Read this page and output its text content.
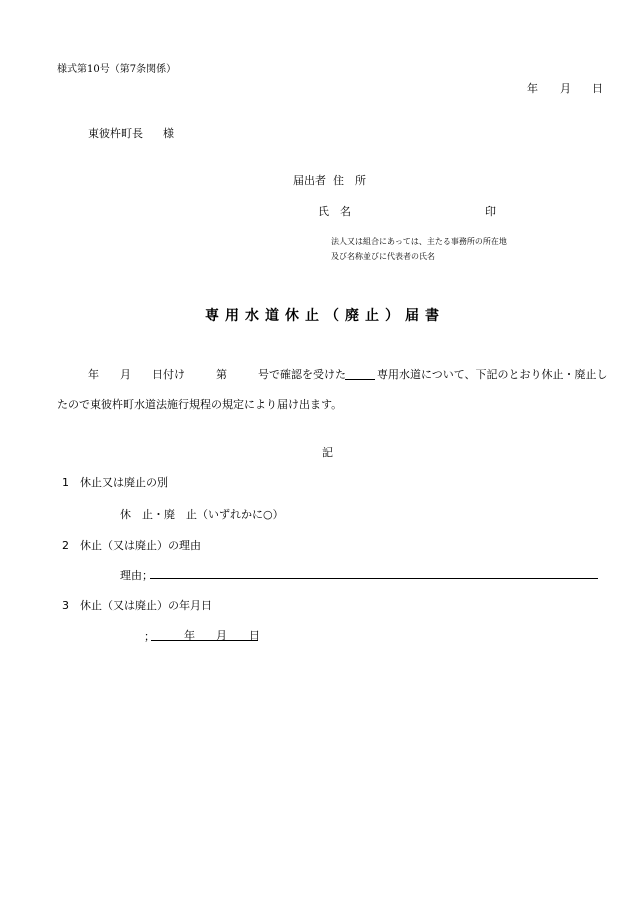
様式第10号（第7条関係）
年 月 日
東彼杵町長 様
届出者 住　所
氏　名	印
法人又は組合にあっては、主たる事務所の所在地
及び名称並びに代表者の氏名
専用水道休止（廃止）届書
年 月 日付け	第	号で確認を受けた	専用水道について、下記のとおり休止・廃止し
たので東彼杵町水道法施行規程の規定により届け出ます。
記
1　休止又は廃止の別
休　止・廃　止（いずれかに○）
2　休止（又は廃止）の理由
理由；
3　休止（又は廃止）の年月日
；	年 月 日
